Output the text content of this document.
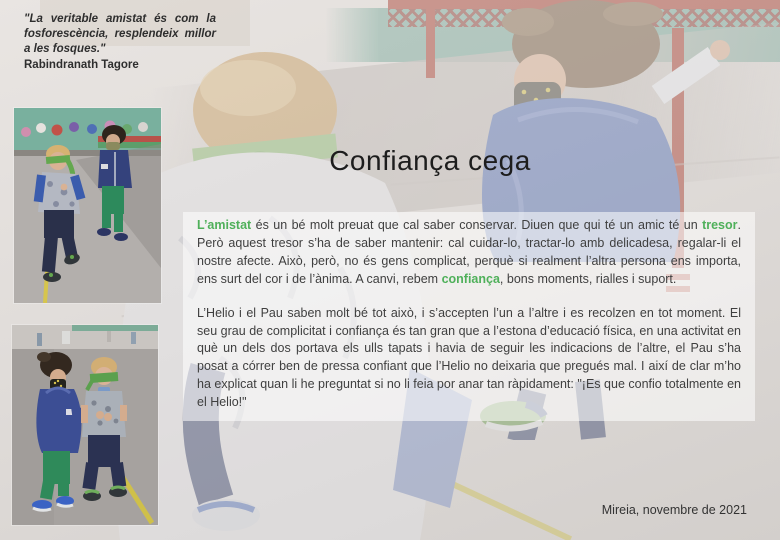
"La veritable amistat és com la fosforescència, resplendeix millor a les fosques."

Rabindranath Tagore

Confiança cega

L’amistat és un bé molt preuat que cal saber conservar. Diuen que qui té un amic té un tresor. Però aquest tresor s’ha de saber mantenir: cal cuidar-lo, tractar-lo amb delicadesa, regalar-li el nostre afecte. Això, però, no és gens complicat, perquè si realment l’altra persona ens importa, ens surt del cor i de l’ànima. A canvi, rebem confiança, bons moments, rialles i suport.

L’Helio i el Pau saben molt bé tot això, i s’accepten l’un a l’altre i es recolzen en tot moment. El seu grau de complicitat i confiança és tan gran que a l’estona d’educació física, en una activitat en què un dels dos portava els ulls tapats i havia de seguir les indicacions de l’altre, el Pau s’ha posat a córrer ben de pressa confiant que l’Helio no deixaria que pregués mal. I així de clar m’ho ha explicat quan li he preguntat si no li feia por anar tan ràpidament: "¡Es que confio totalmente en el Helio!"

Mireia, novembre de 2021
